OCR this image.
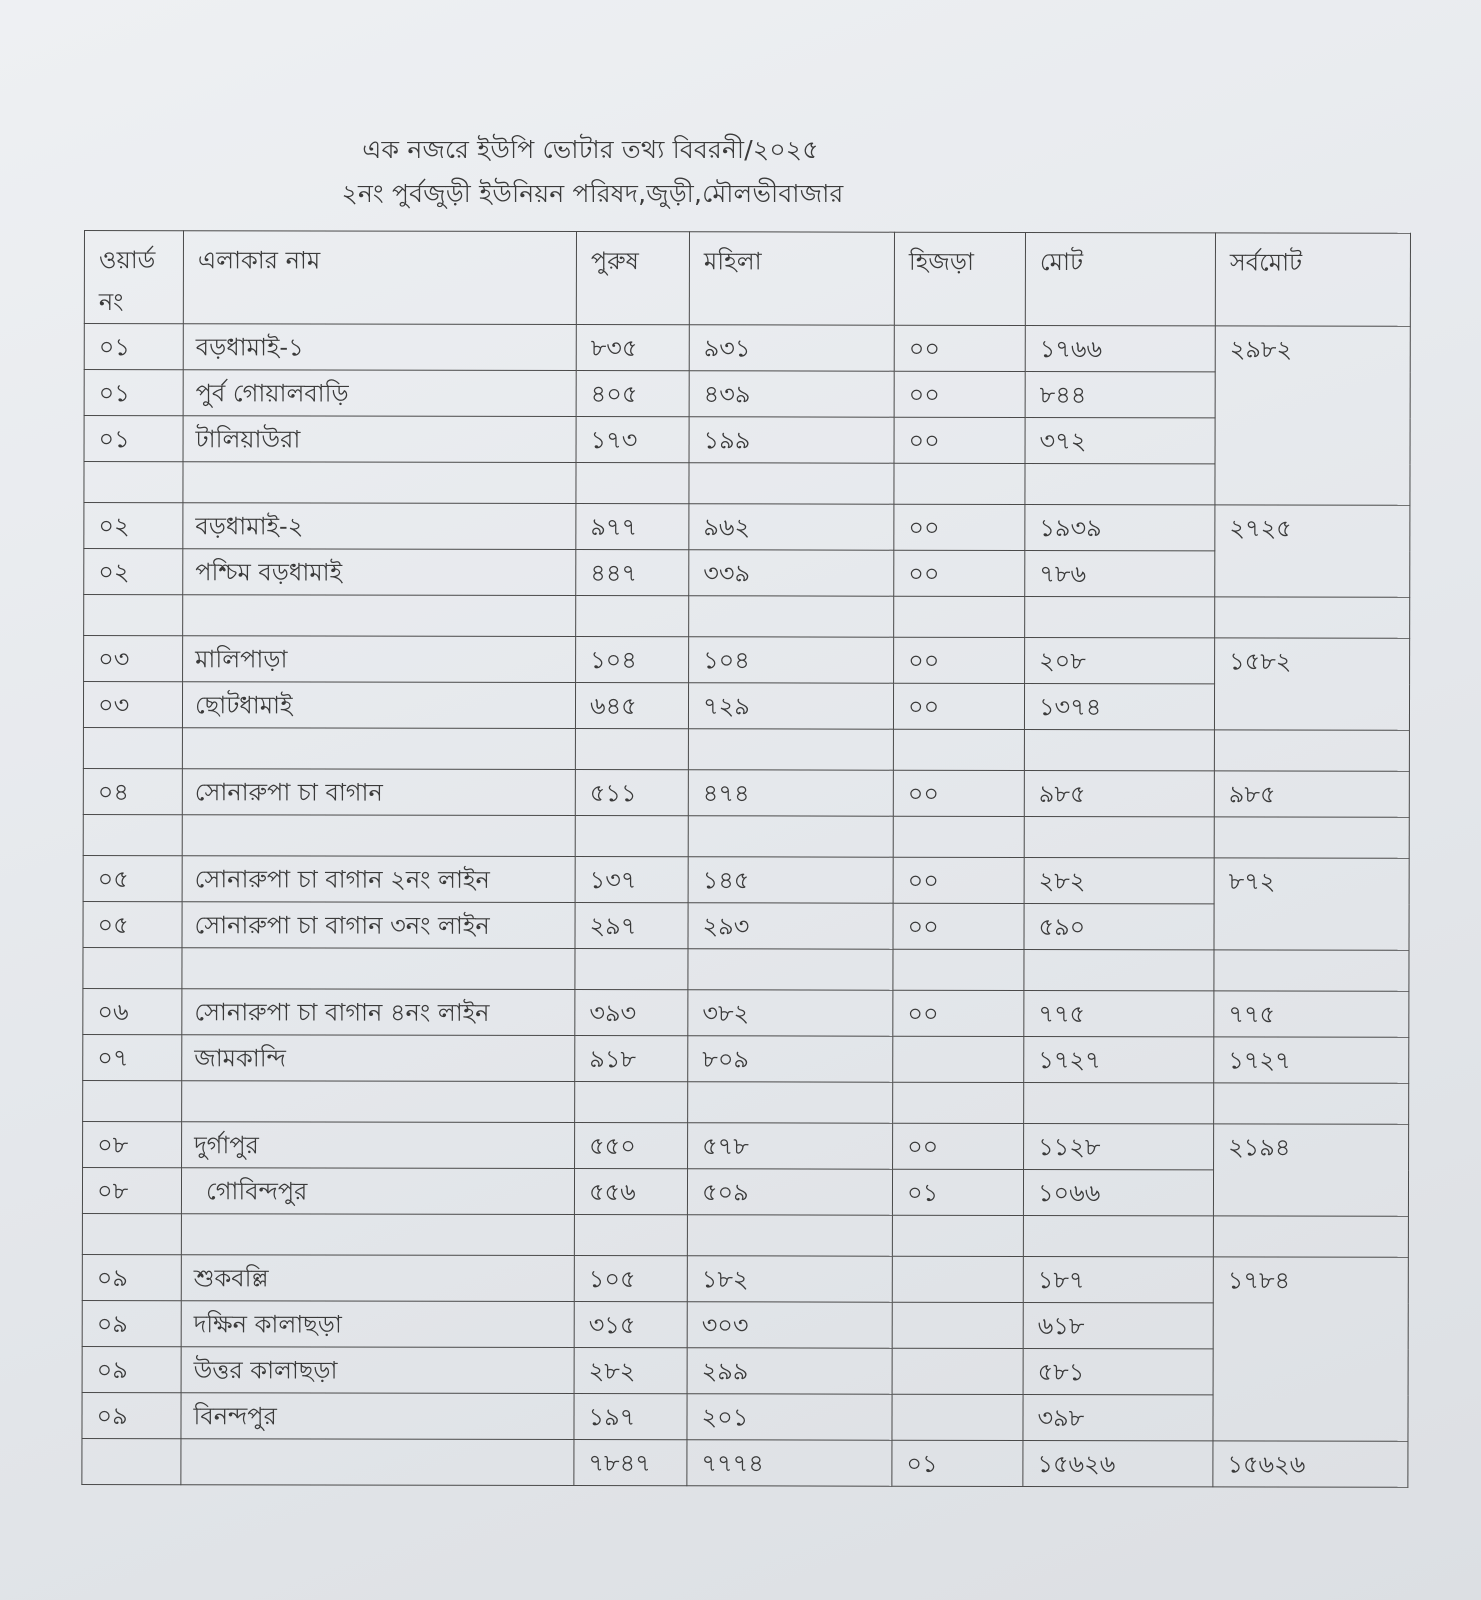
এক নজরে ইউপি ভোটার তথ্য বিবরনী/২০২৫
২নং পুর্বজুড়ী ইউনিয়ন পরিষদ,জুড়ী,মৌলভীবাজার
ওয়ার্ড নং	এলাকার নাম	পুরুষ	মহিলা	হিজড়া	মোট	সর্বমোট
০১	বড়ধামাই-১	৮৩৫	৯৩১	০০	১৭৬৬	২৯৮২
০১	পুর্ব গোয়ালবাড়ি	৪০৫	৪৩৯	০০	৮৪৪	
০১	টালিয়াউরা	১৭৩	১৯৯	০০	৩৭২	

০২	বড়ধামাই-২	৯৭৭	৯৬২	০০	১৯৩৯	২৭২৫
০২	পশ্চিম বড়ধামাই	৪৪৭	৩৩৯	০০	৭৮৬	

০৩	মালিপাড়া	১০৪	১০৪	০০	২০৮	১৫৮২
০৩	ছোটধামাই	৬৪৫	৭২৯	০০	১৩৭৪	

০৪	সোনারুপা চা বাগান	৫১১	৪৭৪	০০	৯৮৫	৯৮৫

০৫	সোনারুপা চা বাগান ২নং লাইন	১৩৭	১৪৫	০০	২৮২	৮৭২
০৫	সোনারুপা চা বাগান ৩নং লাইন	২৯৭	২৯৩	০০	৫৯০	

০৬	সোনারুপা চা বাগান ৪নং লাইন	৩৯৩	৩৮২	০০	৭৭৫	৭৭৫
০৭	জামকান্দি	৯১৮	৮০৯		১৭২৭	১৭২৭

০৮	দুর্গাপুর	৫৫০	৫৭৮	০০	১১২৮	২১৯৪
০৮	গোবিন্দপুর	৫৫৬	৫০৯	০১	১০৬৬	

০৯	শুকবল্লি	১০৫	১৮২		১৮৭	১৭৮৪
০৯	দক্ষিন কালাছড়া	৩১৫	৩০৩		৬১৮	
০৯	উত্তর কালাছড়া	২৮২	২৯৯		৫৮১	
০৯	বিনন্দপুর	১৯৭	২০১		৩৯৮	
		৭৮৪৭	৭৭৭৪	০১	১৫৬২৬	১৫৬২৬
